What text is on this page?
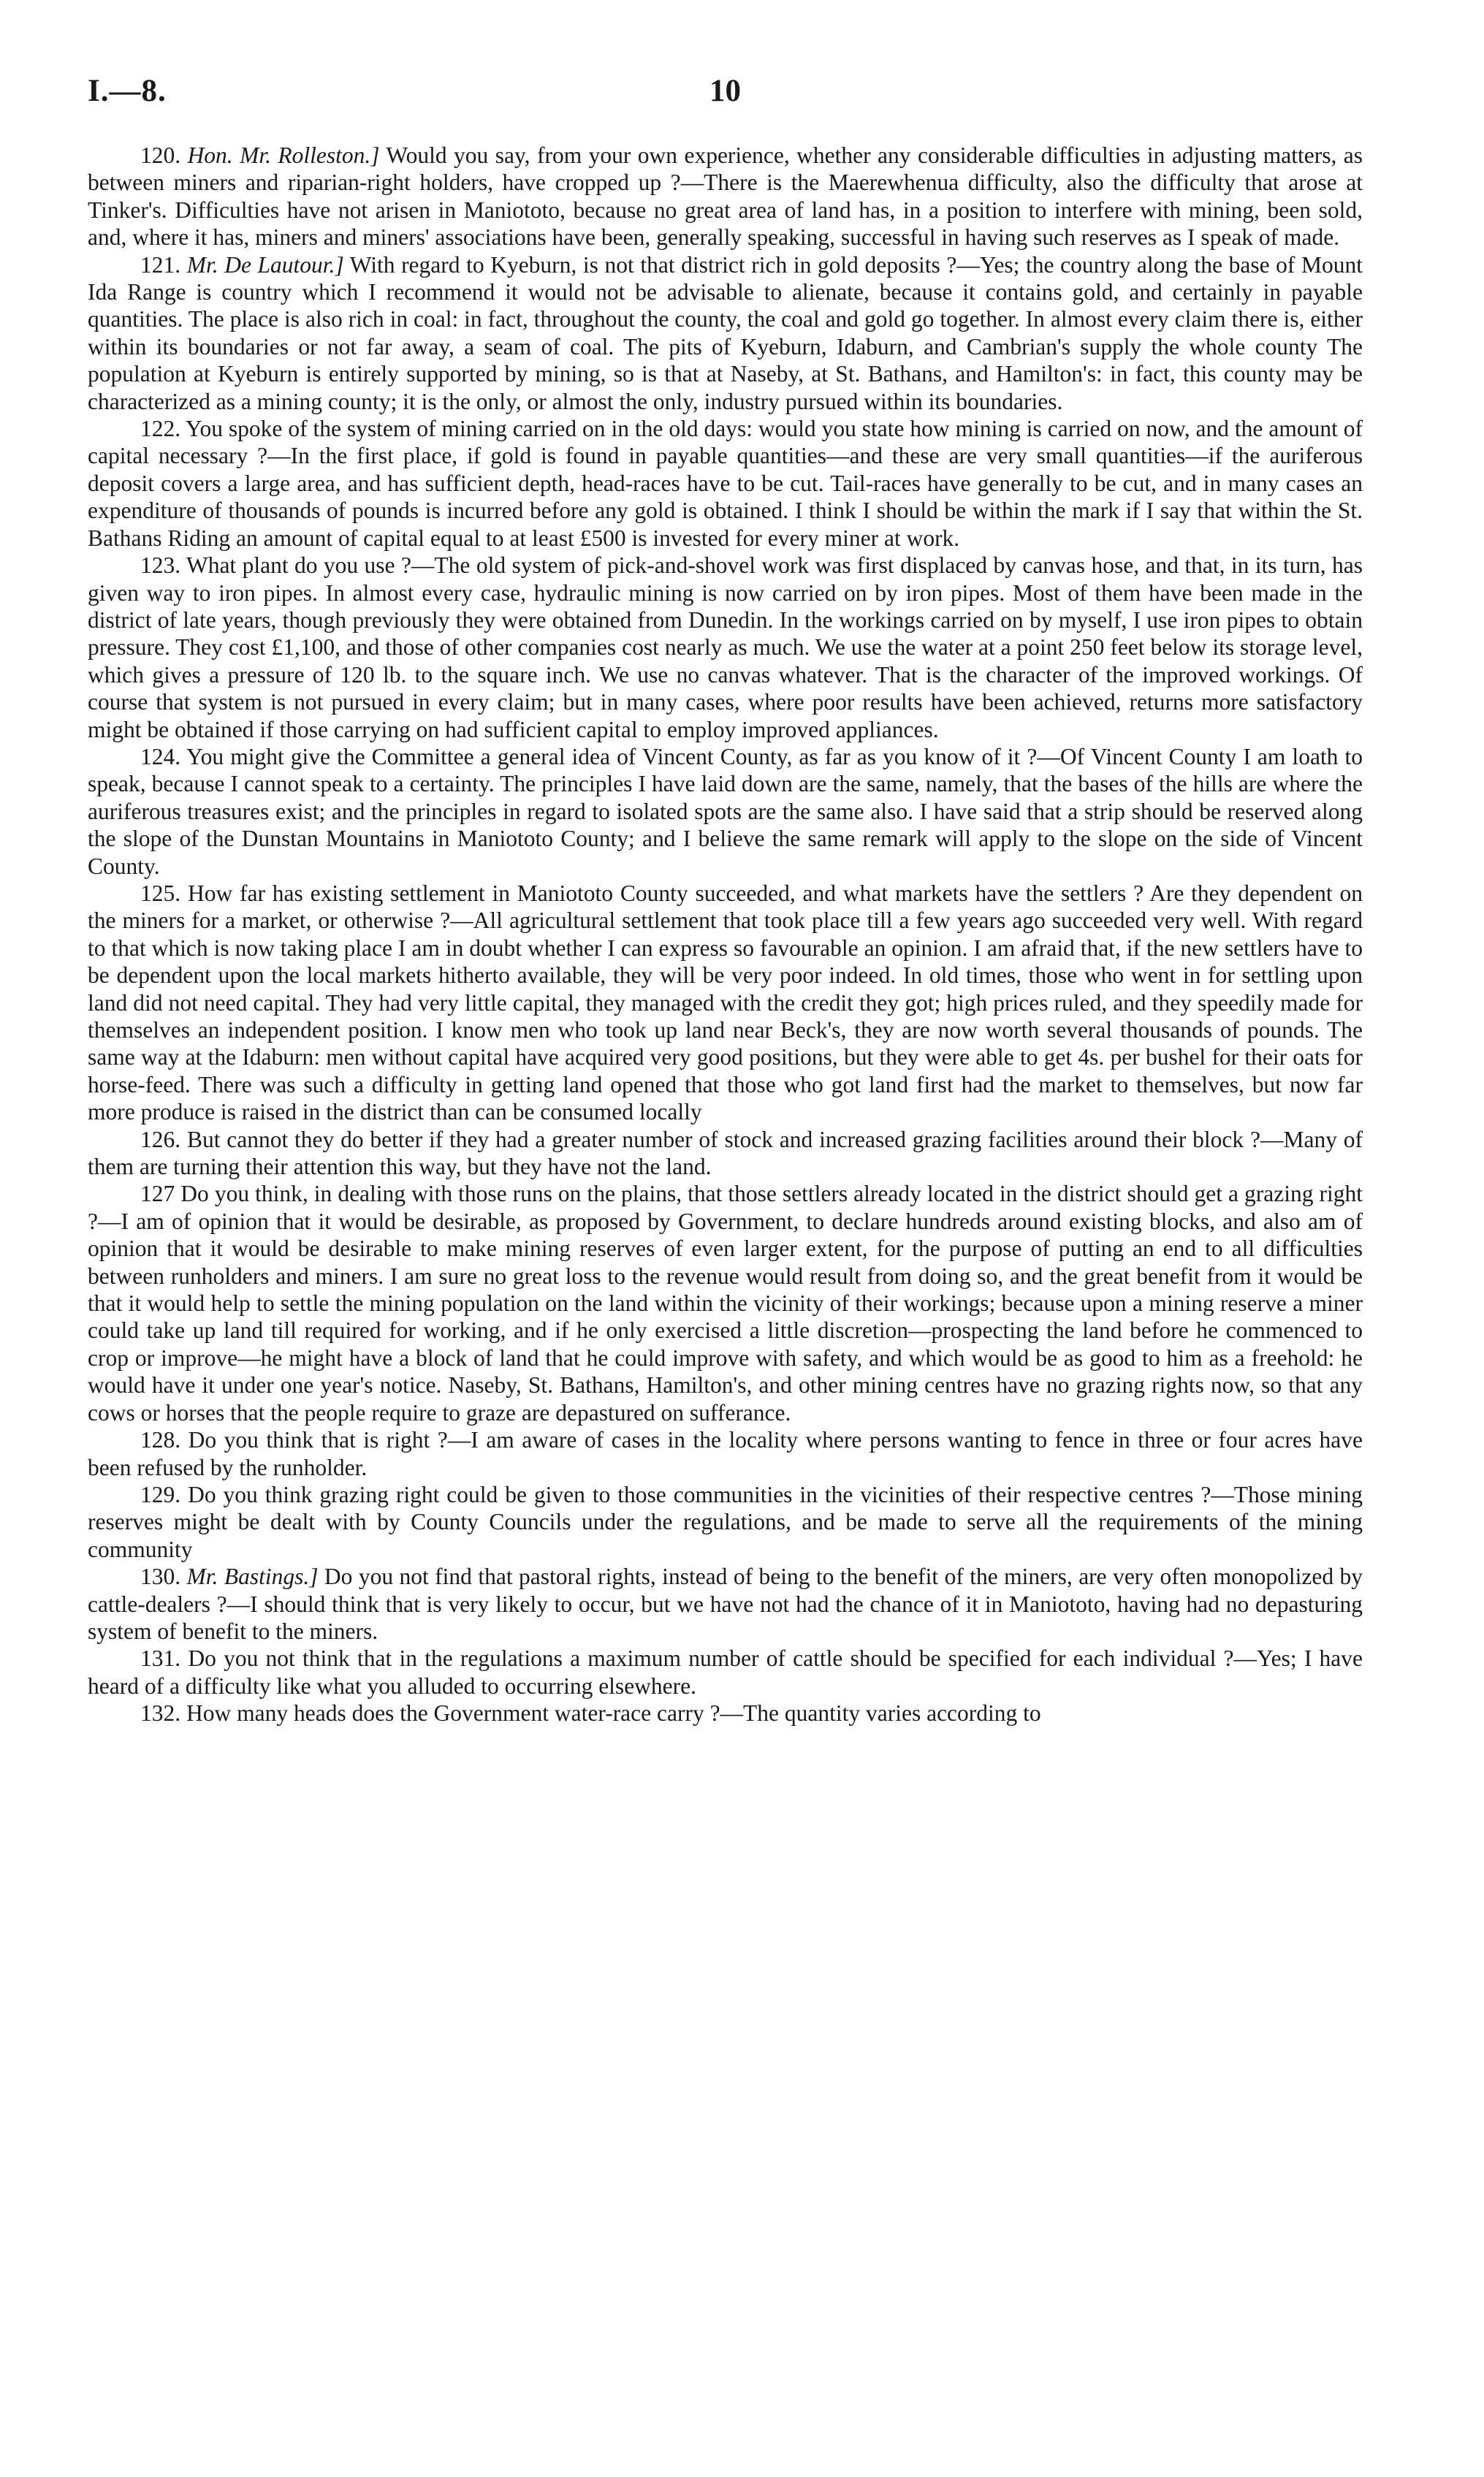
I.—8.	10

120. Hon. Mr. Rolleston.] Would you say, from your own experience, whether any considerable difficulties in adjusting matters, as between miners and riparian-right holders, have cropped up ?—There is the Maerewhenua difficulty, also the difficulty that arose at Tinker's. Difficulties have not arisen in Maniototo, because no great area of land has, in a position to interfere with mining, been sold, and, where it has, miners and miners' associations have been, generally speaking, successful in having such reserves as I speak of made.

121. Mr. De Lautour.] With regard to Kyeburn, is not that district rich in gold deposits ?—Yes; the country along the base of Mount Ida Range is country which I recommend it would not be advisable to alienate, because it contains gold, and certainly in payable quantities. The place is also rich in coal: in fact, throughout the county, the coal and gold go together. In almost every claim there is, either within its boundaries or not far away, a seam of coal. The pits of Kyeburn, Idaburn, and Cambrian's supply the whole county The population at Kyeburn is entirely supported by mining, so is that at Naseby, at St. Bathans, and Hamilton's: in fact, this county may be characterized as a mining county; it is the only, or almost the only, industry pursued within its boundaries.

122. You spoke of the system of mining carried on in the old days: would you state how mining is carried on now, and the amount of capital necessary ?—In the first place, if gold is found in payable quantities—and these are very small quantities—if the auriferous deposit covers a large area, and has sufficient depth, head-races have to be cut. Tail-races have generally to be cut, and in many cases an expenditure of thousands of pounds is incurred before any gold is obtained. I think I should be within the mark if I say that within the St. Bathans Riding an amount of capital equal to at least £500 is invested for every miner at work.

123. What plant do you use ?—The old system of pick-and-shovel work was first displaced by canvas hose, and that, in its turn, has given way to iron pipes. In almost every case, hydraulic mining is now carried on by iron pipes. Most of them have been made in the district of late years, though previously they were obtained from Dunedin. In the workings carried on by myself, I use iron pipes to obtain pressure. They cost £1,100, and those of other companies cost nearly as much. We use the water at a point 250 feet below its storage level, which gives a pressure of 120 lb. to the square inch. We use no canvas whatever. That is the character of the improved workings. Of course that system is not pursued in every claim; but in many cases, where poor results have been achieved, returns more satisfactory might be obtained if those carrying on had sufficient capital to employ improved appliances.

124. You might give the Committee a general idea of Vincent County, as far as you know of it ?—Of Vincent County I am loath to speak, because I cannot speak to a certainty. The principles I have laid down are the same, namely, that the bases of the hills are where the auriferous treasures exist; and the principles in regard to isolated spots are the same also. I have said that a strip should be reserved along the slope of the Dunstan Mountains in Maniototo County; and I believe the same remark will apply to the slope on the side of Vincent County.

125. How far has existing settlement in Maniototo County succeeded, and what markets have the settlers ? Are they dependent on the miners for a market, or otherwise ?—All agricultural settlement that took place till a few years ago succeeded very well. With regard to that which is now taking place I am in doubt whether I can express so favourable an opinion. I am afraid that, if the new settlers have to be dependent upon the local markets hitherto available, they will be very poor indeed. In old times, those who went in for settling upon land did not need capital. They had very little capital, they managed with the credit they got; high prices ruled, and they speedily made for themselves an independent position. I know men who took up land near Beck's, they are now worth several thousands of pounds. The same way at the Idaburn: men without capital have acquired very good positions, but they were able to get 4s. per bushel for their oats for horse-feed. There was such a difficulty in getting land opened that those who got land first had the market to themselves, but now far more produce is raised in the district than can be consumed locally

126. But cannot they do better if they had a greater number of stock and increased grazing facilities around their block ?—Many of them are turning their attention this way, but they have not the land.

127 Do you think, in dealing with those runs on the plains, that those settlers already located in the district should get a grazing right ?—I am of opinion that it would be desirable, as proposed by Government, to declare hundreds around existing blocks, and also am of opinion that it would be desirable to make mining reserves of even larger extent, for the purpose of putting an end to all difficulties between runholders and miners. I am sure no great loss to the revenue would result from doing so, and the great benefit from it would be that it would help to settle the mining population on the land within the vicinity of their workings; because upon a mining reserve a miner could take up land till required for working, and if he only exercised a little discretion—prospecting the land before he commenced to crop or improve—he might have a block of land that he could improve with safety, and which would be as good to him as a freehold: he would have it under one year's notice. Naseby, St. Bathans, Hamilton's, and other mining centres have no grazing rights now, so that any cows or horses that the people require to graze are depastured on sufferance.

128. Do you think that is right ?—I am aware of cases in the locality where persons wanting to fence in three or four acres have been refused by the runholder.

129. Do you think grazing right could be given to those communities in the vicinities of their respective centres ?—Those mining reserves might be dealt with by County Councils under the regulations, and be made to serve all the requirements of the mining community

130. Mr. Bastings.] Do you not find that pastoral rights, instead of being to the benefit of the miners, are very often monopolized by cattle-dealers ?—I should think that is very likely to occur, but we have not had the chance of it in Maniototo, having had no depasturing system of benefit to the miners.

131. Do you not think that in the regulations a maximum number of cattle should be specified for each individual ?—Yes; I have heard of a difficulty like what you alluded to occurring elsewhere.

132. How many heads does the Government water-race carry ?—The quantity varies according to
